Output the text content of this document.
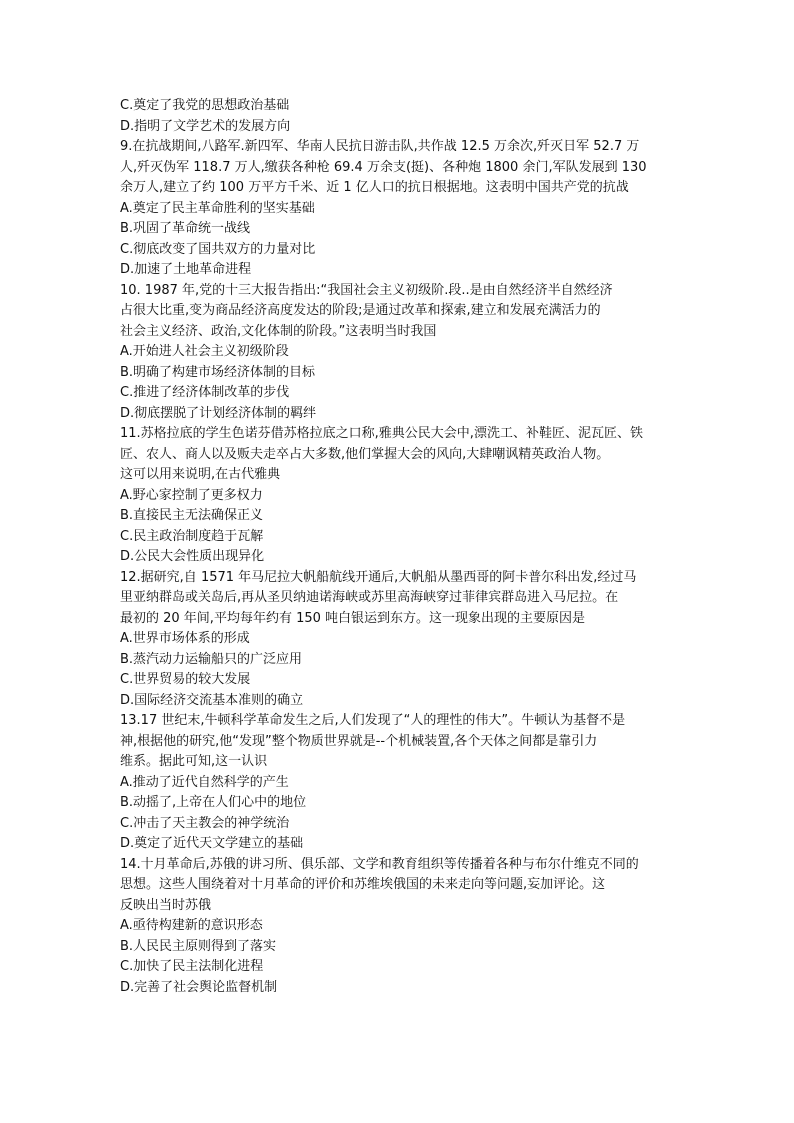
C.奠定了我党的思想政治基础
D.指明了文学艺术的发展方向
9.在抗战期间,八路军.新四军、华南人民抗日游击队,共作战 12.5 万余次,歼灭日军 52.7 万
人,歼灭伪军 118.7 万人,缴获各种枪 69.4 万余支(挺)、各种炮 1800 余门,军队发展到 130
余万人,建立了约 100 万平方千米、近 1 亿人口的抗日根据地。这表明中国共产党的抗战
A.奠定了民主革命胜利的坚实基础
B.巩固了革命统一战线
C.彻底改变了国共双方的力量对比
D.加速了土地革命进程
10. 1987 年,党的十三大报告指出:“我国社会主义初级阶.段..是由自然经济半自然经济
占很大比重,变为商品经济高度发达的阶段;是通过改革和探索,建立和发展充满活力的
社会主义经济、政治,文化体制的阶段。”这表明当时我国
A.开始进人社会主义初级阶段
B.明确了构建市场经济体制的目标
C.推进了经济体制改革的步伐
D.彻底摆脱了计划经济体制的羁绊
11.苏格拉底的学生色诺芬借苏格拉底之口称,雅典公民大会中,漂洗工、补鞋匠、泥瓦匠、铁
匠、农人、商人以及贩夫走卒占大多数,他们掌握大会的风向,大肆嘲讽精英政治人物。
这可以用来说明,在古代雅典
A.野心家控制了更多权力
B.直接民主无法确保正义
C.民主政治制度趋于瓦解
D.公民大会性质出现异化
12.据研究,自 1571 年马尼拉大帆船航线开通后,大帆船从墨西哥的阿卡普尔科出发,经过马
里亚纳群岛或关岛后,再从圣贝纳迪诺海峡或苏里高海峡穿过菲律宾群岛进入马尼拉。在
最初的 20 年间,平均每年约有 150 吨白银运到东方。这一现象出现的主要原因是
A.世界市场体系的形成
B.蒸汽动力运输船只的广泛应用
C.世界贸易的较大发展
D.国际经济交流基本准则的确立
13.17 世纪末,牛顿科学革命发生之后,人们发现了“人的理性的伟大”。牛顿认为基督不是
神,根据他的研究,他“发现”整个物质世界就是--个机械装置,各个天体之间都是靠引力
维系。据此可知,这一认识
A.推动了近代自然科学的产生
B.动摇了,上帝在人们心中的地位
C.冲击了天主教会的神学统治
D.奠定了近代天文学建立的基础
14.十月革命后,苏俄的讲习所、俱乐部、文学和教育组织等传播着各种与布尔什维克不同的
思想。这些人围绕着对十月革命的评价和苏维埃俄国的未来走向等问题,妄加评论。这
反映出当时苏俄
A.亟待构建新的意识形态
B.人民民主原则得到了落实
C.加快了民主法制化进程
D.完善了社会舆论监督机制
